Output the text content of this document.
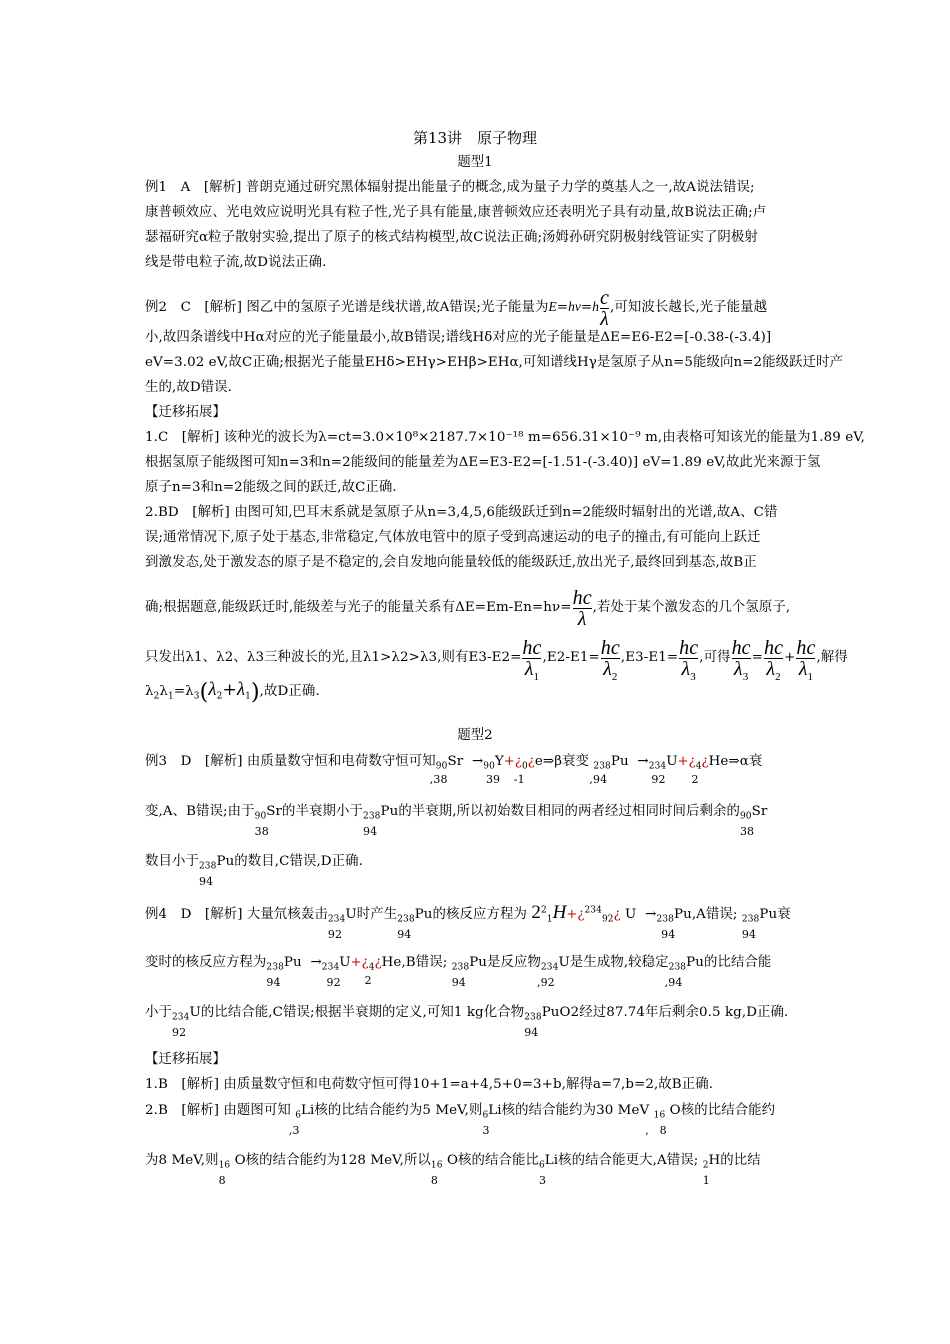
第13讲　原子物理
题型1
例1　A　[解析] 普朗克通过研究黑体辐射提出能量子的概念,成为量子力学的奠基人之一,故A说法错误;
康普顿效应、光电效应说明光具有粒子性,光子具有能量,康普顿效应还表明光子具有动量,故B说法正确;卢
瑟福研究α粒子散射实验,提出了原子的核式结构模型,故C说法正确;汤姆孙研究阴极射线管证实了阴极射
线是带电粒子流,故D说法正确.
例2　C　[解析] 图乙中的氢原子光谱是线状谱,故A错误;光子能量为$E=h\nu=h \frac{c}{\lambda}$ ,可知波长越长,光子能量越
小,故四条谱线中Hα对应的光子能量最小,故B错误;谱线Hδ对应的光子能量是ΔE=E6-E2=[-0.38-(-3.4)]
eV=3.02 eV,故C正确;根据光子能量EHδ>EHγ>EHβ>EHα,可知谱线Hγ是氢原子从n=5能级向n=2能级跃迁时产
生的,故D错误.
【迁移拓展】
1.C　[解析] 该种光的波长为λ=ct=3.0×10⁸×2187.7×10⁻¹⁸ m=656.31×10⁻⁹ m,由表格可知该光的能量为1.89 eV,
根据氢原子能级图可知n=3和n=2能级间的能量差为ΔE=E3-E2=[-1.51-(-3.40)] eV=1.89 eV,故此光来源于氢
原子n=3和n=2能级之间的跃迁,故C正确.
2.BD　[解析] 由图可知,巴耳末系就是氢原子从n=3,4,5,6能级跃迁到n=2能级时辐射出的光谱,故A、C错
误;通常情况下,原子处于基态,非常稳定,气体放电管中的原子受到高速运动的电子的撞击,有可能向上跃迁
到激发态,处于激发态的原子是不稳定的,会自发地向能量较低的能级跃迁,放出光子,最终回到基态,故B正
确;根据题意,能级跃迁时,能级差与光子的能量关系有$\Delta E=Em-En=h\nu= \frac{hc}{\lambda}$ ,若处于某个激发态的几个氢原子,
只发出λ1、λ2、λ3三种波长的光,且λ1>λ2>λ3,则有$E3-E2= \frac{hc}{\lambda_1} ,E2-E1= \frac{hc}{\lambda_2} ,E3-E1= \frac{hc}{\lambda_3}$ ,可得 $\frac{hc}{\lambda_3} = \frac{hc}{\lambda_2} + \frac{hc}{\lambda_1}$ ,解得
$\lambda_2\lambda_1=\lambda_3(\lambda_2+\lambda_1)$,故D正确.
题型2
例3　D　[解析] 由质量数守恒和电荷数守恒可知$_{90}$Sr
,38
$\to_{90}Y$
39
$+¿_0¿$
-1
e⇒β衰变 $_{238}$Pu
,94
$\to_{234}U$
92
$+¿_4¿$
2
He⇒α衰
变,A、B错误;由于$_{90}$
38
Sr的半衰期小于$_{238}$
94
Pu的半衰期,所以初始数目相同的两者经过相同时间后剩余的$_{90}$Sr
38
数目小于$_{238}$
94
Pu的数目,C错误,D正确.
例4　D　[解析] 大量氘核轰击$_{234}$
92
U时产生$_{238}$
94
Pu的核反应方程为 $2^2_1H+¿^{234}_{92}¿$ $U \to_{238}$
94
Pu,A错误; $_{238}$
94
Pu衰
变时的核反应方程为$_{238}$Pu
94
$\to_{234}U$
92
$+¿_4¿$
2
He,B错误; $_{238}$
94
Pu是反应物$_{234}$
,92
U是生成物,较稳定$_{238}$
,94
Pu的比结合能
小于$_{234}$
92
U的比结合能,C错误;根据半衰期的定义,可知1 kg化合物$_{238}$
94
PuO2经过87.74年后剩余0.5 kg,D正确.
【迁移拓展】
1.B　[解析] 由质量数守恒和电荷数守恒可得10+1=a+4,5+0=3+b,解得a=7,b=2,故B正确.
2.B　[解析] 由题图可知 $_6$
,3
Li核的比结合能约为5 MeV,则$_6$
3
Li核的结合能约为30 MeV $_{16}$
,   8
O核的比结合能约
为8 MeV,则$_{16}$
8
O核的结合能约为128 MeV,所以$_{16}$
8
O核的结合能比$_6$
3
Li核的结合能更大,A错误; $_2$
1
H的比结
